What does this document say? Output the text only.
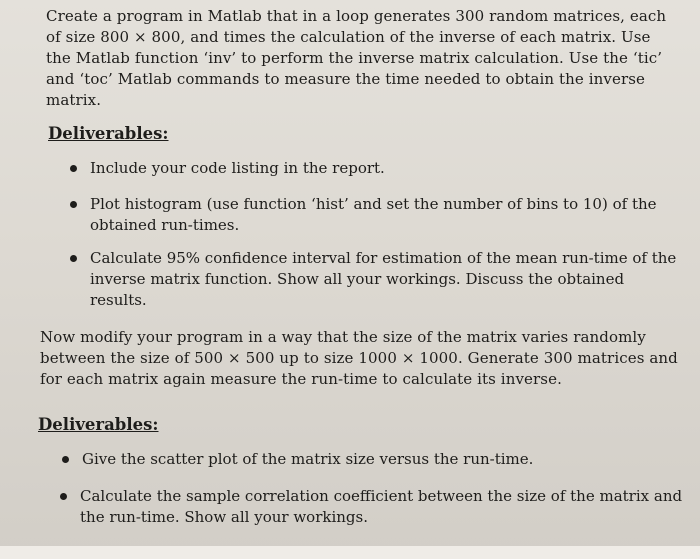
Create a program in Matlab that in a loop generates 300 random matrices, each of size 800 × 800, and times the calculation of the inverse of each matrix. Use the Matlab function ‘inv’ to perform the inverse matrix calculation. Use the ‘tic’ and ‘toc’ Matlab commands to measure the time needed to obtain the inverse matrix.

Deliverables:

Include your code listing in the report.

Plot histogram (use function ‘hist’ and set the number of bins to 10) of the obtained run-times.

Calculate 95% confidence interval for estimation of the mean run-time of the inverse matrix function. Show all your workings. Discuss the obtained results.

Now modify your program in a way that the size of the matrix varies randomly between the size of 500 × 500 up to size 1000 × 1000. Generate 300 matrices and for each matrix again measure the run-time to calculate its inverse.

Deliverables:

Give the scatter plot of the matrix size versus the run-time.

Calculate the sample correlation coefficient between the size of the matrix and the run-time. Show all your workings.
